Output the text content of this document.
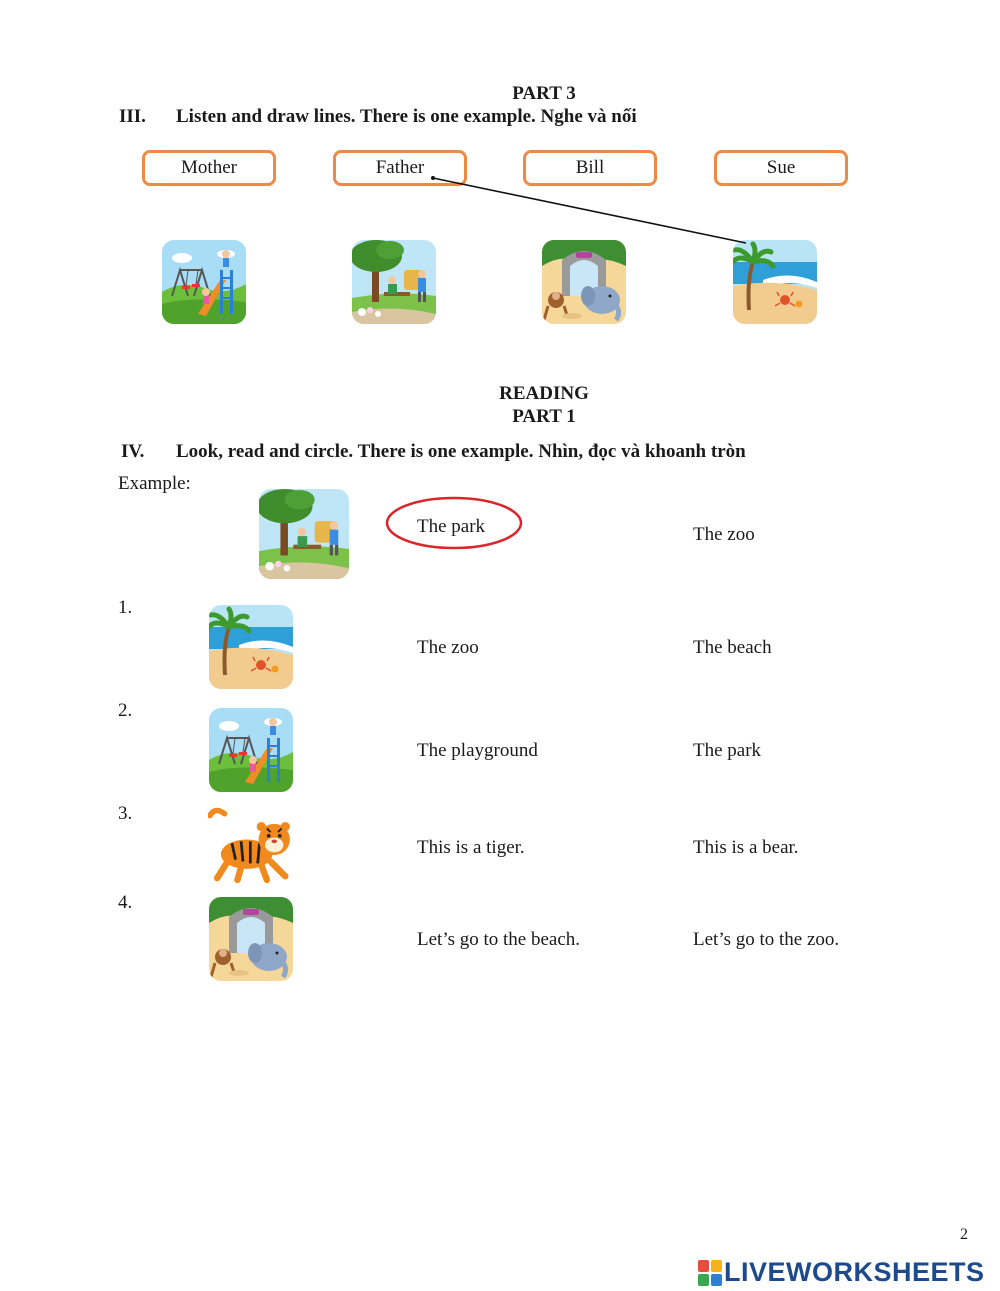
PART 3
III. Listen and draw lines. There is one example. Nghe và nối
Mother	Father	Bill	Sue
READING
PART 1
IV. Look, read and circle. There is one example. Nhìn, đọc và khoanh tròn
Example:
The park	The zoo
1.
The zoo	The beach
2.
The playground	The park
3.
This is a tiger.	This is a bear.
4.
Let’s go to the beach.	Let’s go to the zoo.
2
LIVEWORKSHEETS
